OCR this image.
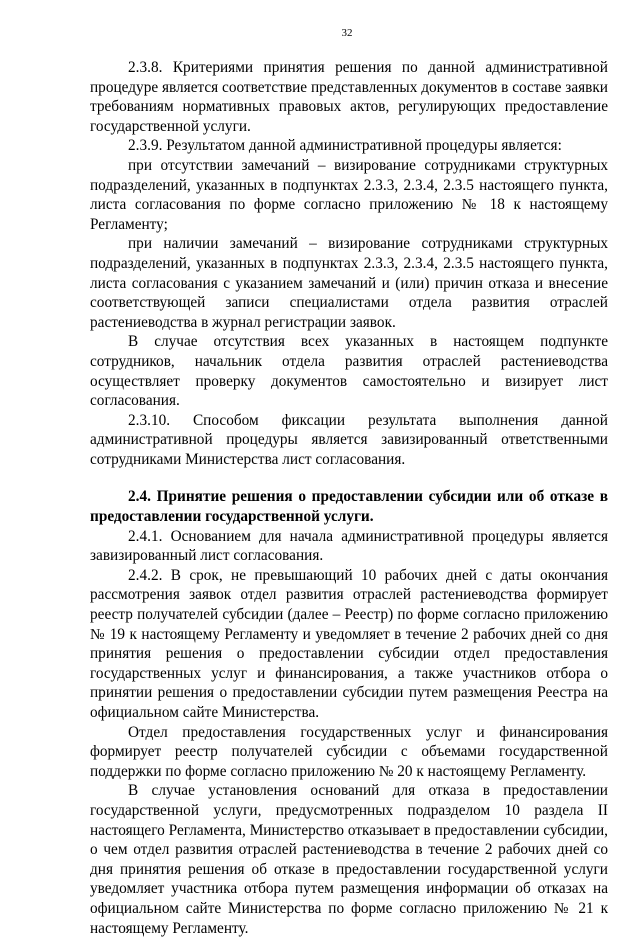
32

2.3.8. Критериями принятия решения по данной административной процедуре является соответствие представленных документов в составе заявки требованиям нормативных правовых актов, регулирующих предоставление государственной услуги.

2.3.9. Результатом данной административной процедуры является:

при отсутствии замечаний – визирование сотрудниками структурных подразделений, указанных в подпунктах 2.3.3, 2.3.4, 2.3.5 настоящего пункта, листа согласования по форме согласно приложению № 18 к настоящему Регламенту;

при наличии замечаний – визирование сотрудниками структурных подразделений, указанных в подпунктах 2.3.3, 2.3.4, 2.3.5 настоящего пункта, листа согласования с указанием замечаний и (или) причин отказа и внесение соответствующей записи специалистами отдела развития отраслей растениеводства в журнал регистрации заявок.

В случае отсутствия всех указанных в настоящем подпункте сотрудников, начальник отдела развития отраслей растениеводства осуществляет проверку документов самостоятельно и визирует лист согласования.

2.3.10. Способом фиксации результата выполнения данной административной процедуры является завизированный ответственными сотрудниками Министерства лист согласования.

2.4. Принятие решения о предоставлении субсидии или об отказе в предоставлении государственной услуги.

2.4.1. Основанием для начала административной процедуры является завизированный лист согласования.

2.4.2. В срок, не превышающий 10 рабочих дней с даты окончания рассмотрения заявок отдел развития отраслей растениеводства формирует реестр получателей субсидии (далее – Реестр) по форме согласно приложению № 19 к настоящему Регламенту и уведомляет в течение 2 рабочих дней со дня принятия решения о предоставлении субсидии отдел предоставления государственных услуг и финансирования, а также участников отбора о принятии решения о предоставлении субсидии путем размещения Реестра на официальном сайте Министерства.

Отдел предоставления государственных услуг и финансирования формирует реестр получателей субсидии с объемами государственной поддержки по форме согласно приложению № 20 к настоящему Регламенту.

В случае установления оснований для отказа в предоставлении государственной услуги, предусмотренных подразделом 10 раздела II настоящего Регламента, Министерство отказывает в предоставлении субсидии, о чем отдел развития отраслей растениеводства в течение 2 рабочих дней со дня принятия решения об отказе в предоставлении государственной услуги уведомляет участника отбора путем размещения информации об отказах на официальном сайте Министерства по форме согласно приложению № 21 к настоящему Регламенту.
